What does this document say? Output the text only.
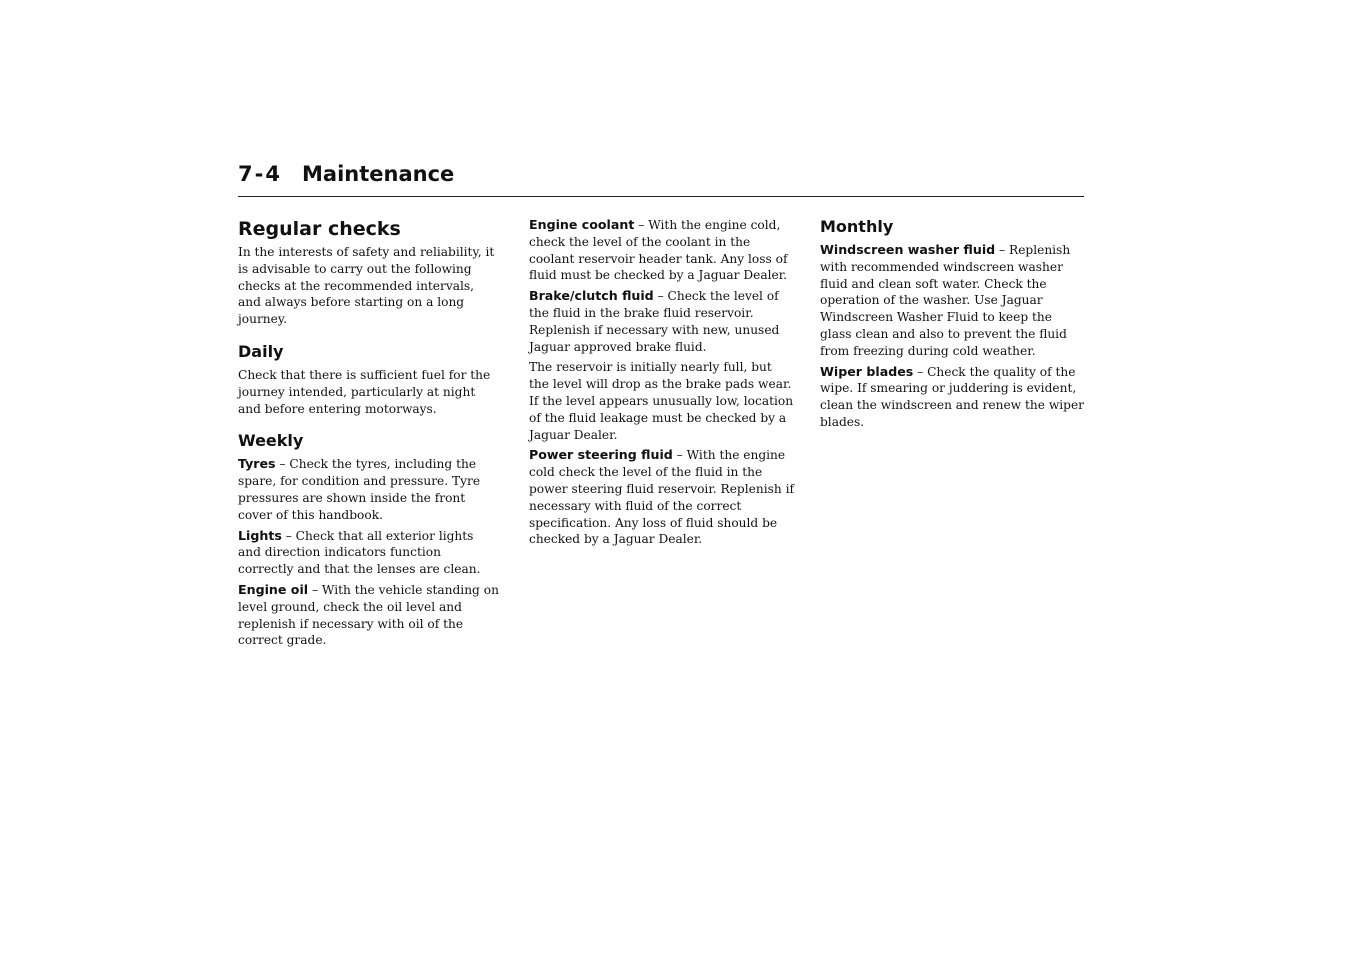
7-4 Maintenance
Regular checks

In the interests of safety and reliability, it is advisable to carry out the following checks at the recommended intervals, and always before starting on a long journey.

Daily

Check that there is sufficient fuel for the journey intended, particularly at night and before entering motorways.

Weekly

Tyres – Check the tyres, including the spare, for condition and pressure. Tyre pressures are shown inside the front cover of this handbook.

Lights – Check that all exterior lights and direction indicators function correctly and that the lenses are clean.

Engine oil – With the vehicle standing on level ground, check the oil level and replenish if necessary with oil of the correct grade.

Engine coolant – With the engine cold, check the level of the coolant in the coolant reservoir header tank. Any loss of fluid must be checked by a Jaguar Dealer.

Brake/clutch fluid – Check the level of the fluid in the brake fluid reservoir. Replenish if necessary with new, unused Jaguar approved brake fluid.

The reservoir is initially nearly full, but the level will drop as the brake pads wear. If the level appears unusually low, location of the fluid leakage must be checked by a Jaguar Dealer.

Power steering fluid – With the engine cold check the level of the fluid in the power steering fluid reservoir. Replenish if necessary with fluid of the correct specification. Any loss of fluid should be checked by a Jaguar Dealer.

Monthly

Windscreen washer fluid – Replenish with recommended windscreen washer fluid and clean soft water. Check the operation of the washer. Use Jaguar Windscreen Washer Fluid to keep the glass clean and also to prevent the fluid from freezing during cold weather.

Wiper blades – Check the quality of the wipe. If smearing or juddering is evident, clean the windscreen and renew the wiper blades.
